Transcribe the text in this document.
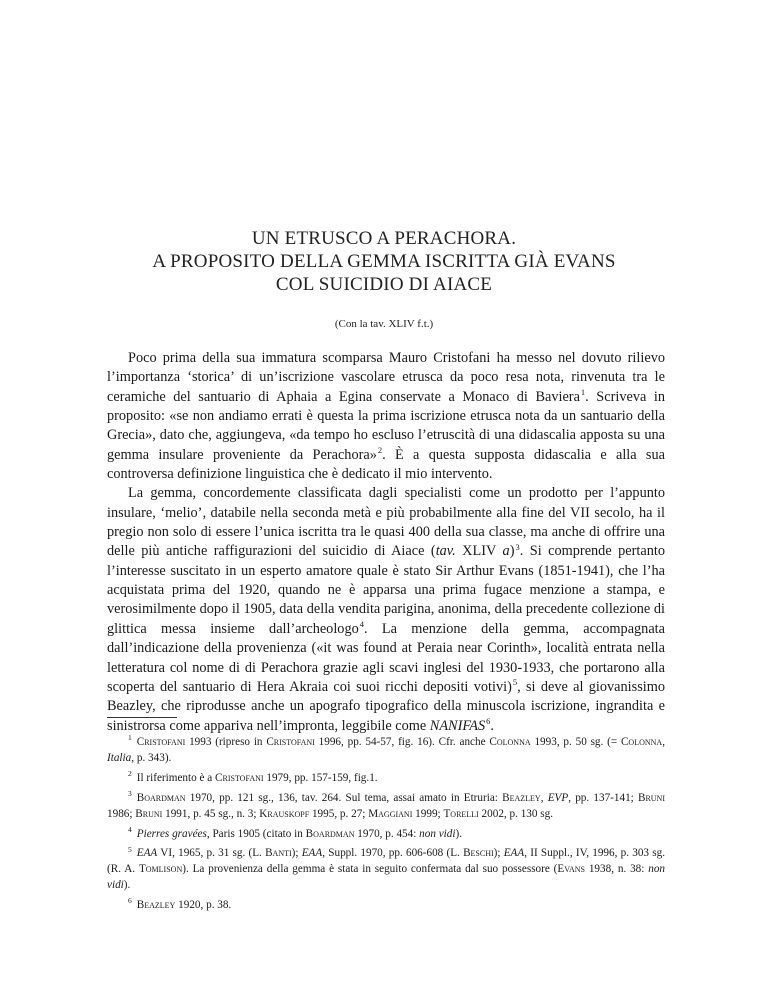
UN ETRUSCO A PERACHORA.
A PROPOSITO DELLA GEMMA ISCRITTA GIÀ EVANS
COL SUICIDIO DI AIACE
(Con la tav. XLIV f.t.)

Poco prima della sua immatura scomparsa Mauro Cristofani ha messo nel dovuto rilievo l’importanza ‘storica’ di un’iscrizione vascolare etrusca da poco resa nota, rinvenuta tra le ceramiche del santuario di Aphaia a Egina conservate a Monaco di Baviera$^1$. Scriveva in proposito: «se non andiamo errati è questa la prima iscrizione etrusca nota da un santuario della Grecia», dato che, aggiungeva, «da tempo ho escluso l’etruscità di una didascalia apposta su una gemma insulare proveniente da Perachora»$^2$. È a questa supposta didascalia e alla sua controversa definizione linguistica che è dedicato il mio intervento.

La gemma, concordemente classificata dagli specialisti come un prodotto per l’appunto insulare, ‘melio’, databile nella seconda metà e più probabilmente alla fine del VII secolo, ha il pregio non solo di essere l’unica iscritta tra le quasi 400 della sua classe, ma anche di offrire una delle più antiche raffigurazioni del suicidio di Aiace (tav. XLIV a)$^3$. Si comprende pertanto l’interesse suscitato in un esperto amatore quale è stato Sir Arthur Evans (1851-1941), che l’ha acquistata prima del 1920, quando ne è apparsa una prima fugace menzione a stampa, e verosimilmente dopo il 1905, data della vendita parigina, anonima, della precedente collezione di glittica messa insieme dall’archeologo$^4$. La menzione della gemma, accompagnata dall’indicazione della provenienza («it was found at Peraia near Corinth», località entrata nella letteratura col nome di di Perachora grazie agli scavi inglesi del 1930-1933, che portarono alla scoperta del santuario di Hera Akraia coi suoi ricchi depositi votivi)$^5$, si deve al giovanissimo Beazley, che riprodusse anche un apografo tipografico della minuscola iscrizione, ingrandita e sinistrorsa come appariva nell’impronta, leggibile come NANIFAS$^6$.

$^1$ Cristofani 1993 (ripreso in Cristofani 1996, pp. 54-57, fig. 16). Cfr. anche Colonna 1993, p. 50 sg. (= Colonna, Italia, p. 343).

$^2$ Il riferimento è a Cristofani 1979, pp. 157-159, fig.1.

$^3$ Boardman 1970, pp. 121 sg., 136, tav. 264. Sul tema, assai amato in Etruria: Beazley, EVP, pp. 137-141; Bruni 1986; Bruni 1991, p. 45 sg., n. 3; Krauskopf 1995, p. 27; Maggiani 1999; Torelli 2002, p. 130 sg.

$^4$ Pierres gravées, Paris 1905 (citato in Boardman 1970, p. 454: non vidi).

$^5$ EAA VI, 1965, p. 31 sg. (L. Banti); EAA, Suppl. 1970, pp. 606-608 (L. Beschi); EAA, II Suppl., IV, 1996, p. 303 sg. (R. A. Tomlison). La provenienza della gemma è stata in seguito confermata dal suo possessore (Evans 1938, n. 38: non vidi).

$^6$ Beazley 1920, p. 38.
